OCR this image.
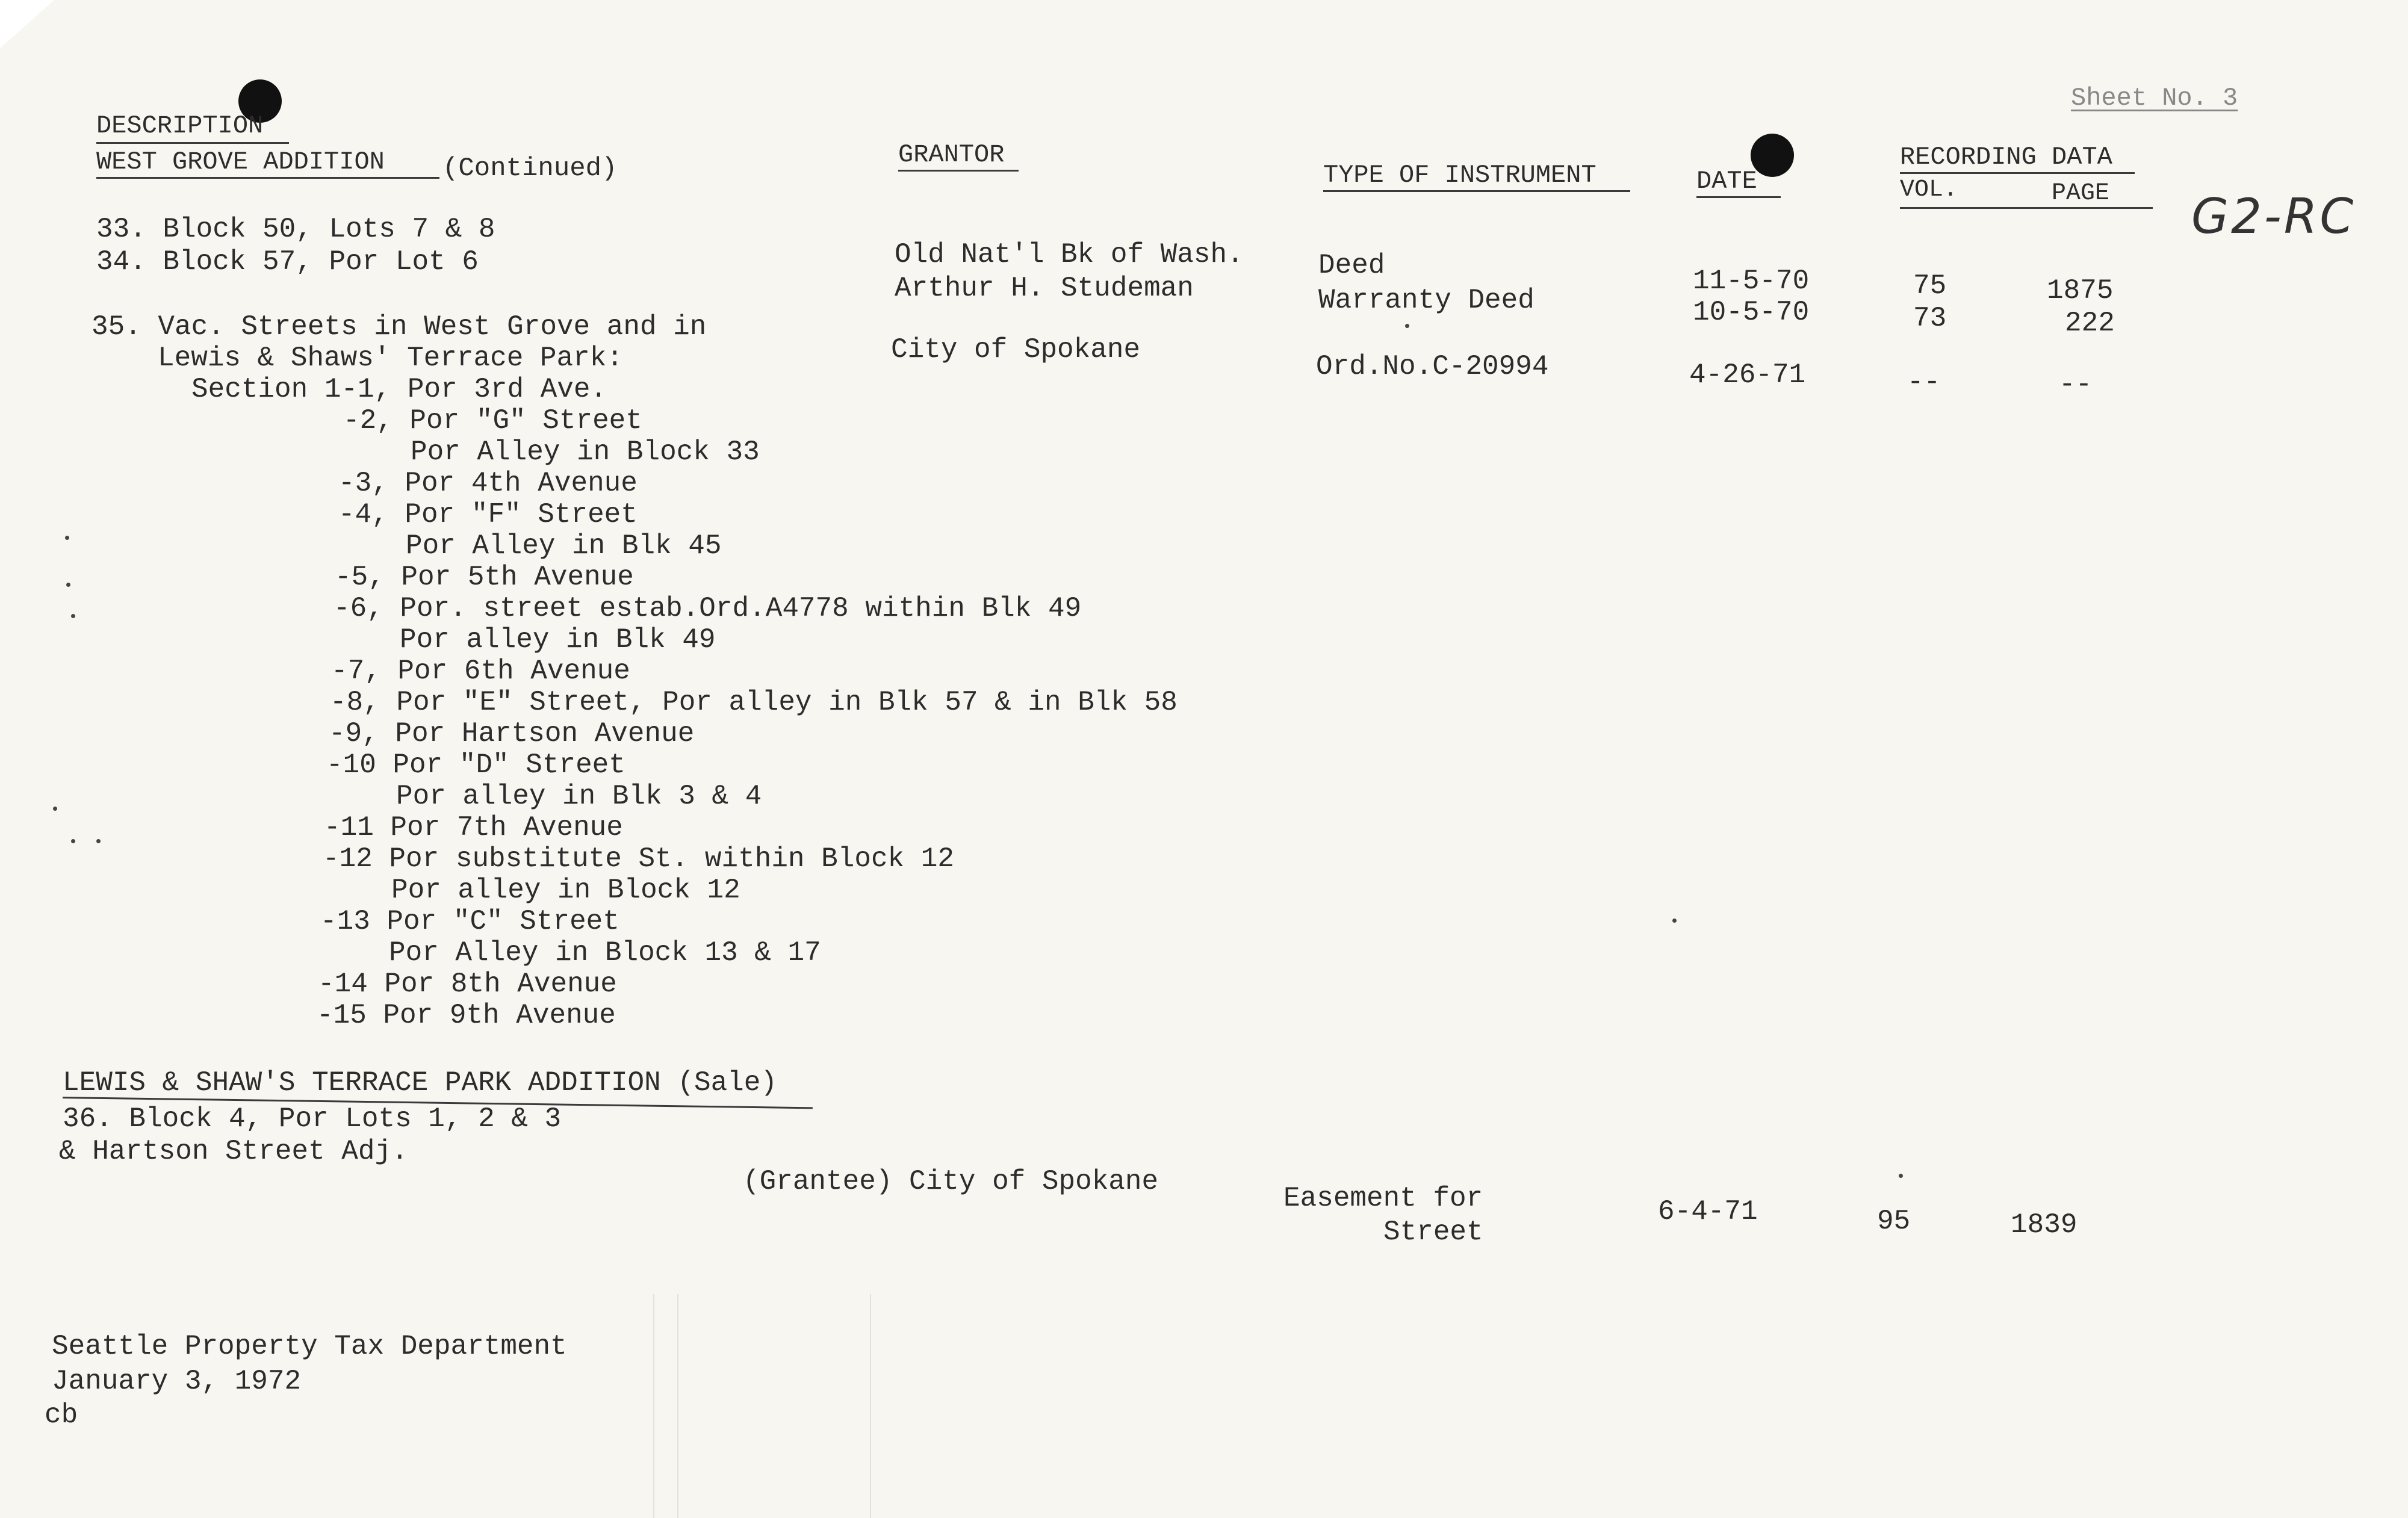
Sheet No. 3
G2-RC
DESCRIPTION
WEST GROVE ADDITION (Continued)	GRANTOR
TYPE OF INSTRUMENT	DATE
RECORDING DATA
VOL.	PAGE
33. Block 50, Lots 7 & 8
Old Nat'l Bk of Wash.	Deed	11-5-70	75	1875
34. Block 57, Por Lot 6
Arthur H. Studeman	Warranty Deed	10-5-70	73	222
35. Vac. Streets in West Grove and in
Lewis & Shaws' Terrace Park:	City of Spokane
Ord.No.C-20994	4-26-71	--	--
Section 1-1, Por 3rd Ave.
-2, Por "G" Street
Por Alley in Block 33
-3, Por 4th Avenue
-4, Por "F" Street
Por Alley in Blk 45
-5, Por 5th Avenue
-6, Por. street estab.Ord.A4778 within Blk 49
Por alley in Blk 49
-7, Por 6th Avenue
-8, Por "E" Street, Por alley in Blk 57 & in Blk 58
-9, Por Hartson Avenue
-10 Por "D" Street
Por alley in Blk 3 & 4
-11 Por 7th Avenue
-12 Por substitute St. within Block 12
Por alley in Block 12
-13 Por "C" Street
Por Alley in Block 13 & 17
-14 Por 8th Avenue
-15 Por 9th Avenue
LEWIS & SHAW'S TERRACE PARK ADDITION (Sale)
36. Block 4, Por Lots 1, 2 & 3
& Hartson Street Adj.
(Grantee) City of Spokane
Easement for
Street
6-4-71	95	1839
Seattle Property Tax Department
January 3, 1972
cb
